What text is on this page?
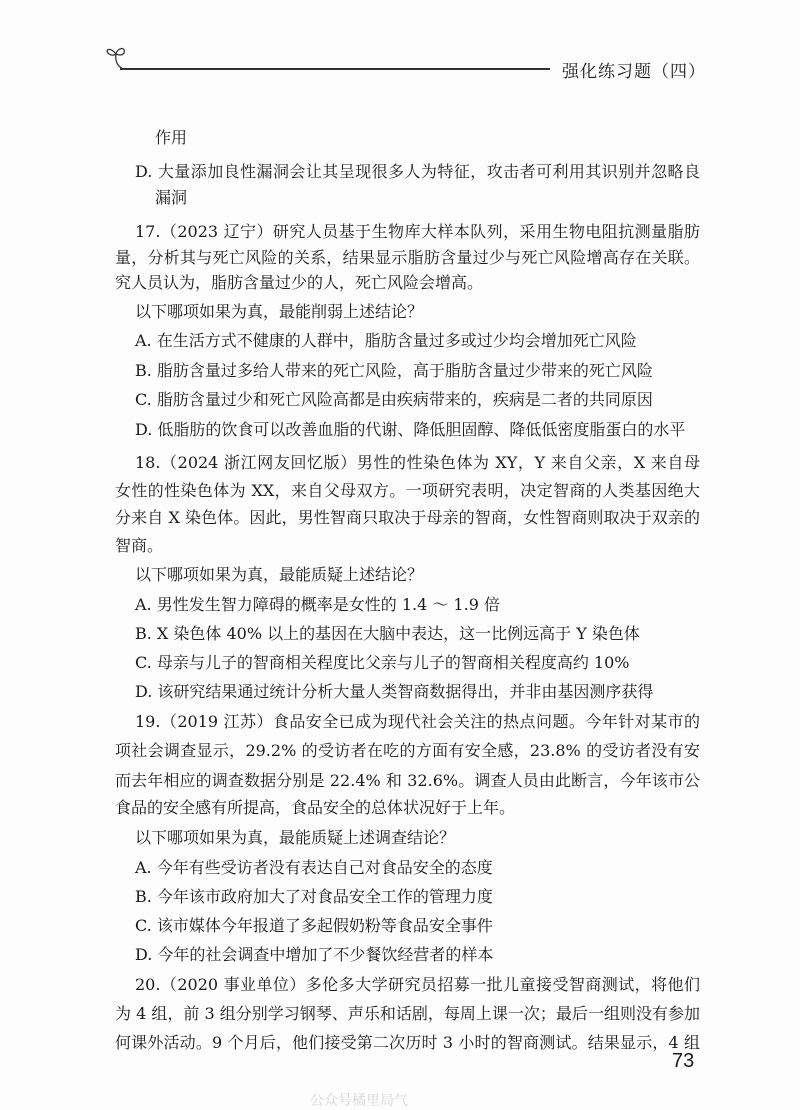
强化练习题（四）
作用
D. 大量添加良性漏洞会让其呈现很多人为特征，攻击者可利用其识别并忽略良
漏洞
17.（2023 辽宁）研究人员基于生物库大样本队列，采用生物电阻抗测量脂肪
量，分析其与死亡风险的关系，结果显示脂肪含量过少与死亡风险增高存在关联。
究人员认为，脂肪含量过少的人，死亡风险会增高。
以下哪项如果为真，最能削弱上述结论？
A. 在生活方式不健康的人群中，脂肪含量过多或过少均会增加死亡风险
B. 脂肪含量过多给人带来的死亡风险，高于脂肪含量过少带来的死亡风险
C. 脂肪含量过少和死亡风险高都是由疾病带来的，疾病是二者的共同原因
D. 低脂肪的饮食可以改善血脂的代谢、降低胆固醇、降低低密度脂蛋白的水平
18.（2024 浙江网友回忆版）男性的性染色体为 XY，Y 来自父亲，X 来自母
女性的性染色体为 XX，来自父母双方。一项研究表明，决定智商的人类基因绝大
分来自 X 染色体。因此，男性智商只取决于母亲的智商，女性智商则取决于双亲的
智商。
以下哪项如果为真，最能质疑上述结论？
A. 男性发生智力障碍的概率是女性的 1.4 ～ 1.9 倍
B. X 染色体 40% 以上的基因在大脑中表达，这一比例远高于 Y 染色体
C. 母亲与儿子的智商相关程度比父亲与儿子的智商相关程度高约 10%
D. 该研究结果通过统计分析大量人类智商数据得出，并非由基因测序获得
19.（2019 江苏）食品安全已成为现代社会关注的热点问题。今年针对某市的
项社会调查显示，29.2% 的受访者在吃的方面有安全感，23.8% 的受访者没有安
而去年相应的调查数据分别是 22.4% 和 32.6%。调查人员由此断言，今年该市公
食品的安全感有所提高，食品安全的总体状况好于上年。
以下哪项如果为真，最能质疑上述调查结论？
A. 今年有些受访者没有表达自己对食品安全的态度
B. 今年该市政府加大了对食品安全工作的管理力度
C. 该市媒体今年报道了多起假奶粉等食品安全事件
D. 今年的社会调查中增加了不少餐饮经营者的样本
20.（2020 事业单位）多伦多大学研究员招募一批儿童接受智商测试，将他们
为 4 组，前 3 组分别学习钢琴、声乐和话剧，每周上课一次；最后一组则没有参加
何课外活动。9 个月后，他们接受第二次历时 3 小时的智商测试。结果显示，4 组
73
公众号橘里局气
